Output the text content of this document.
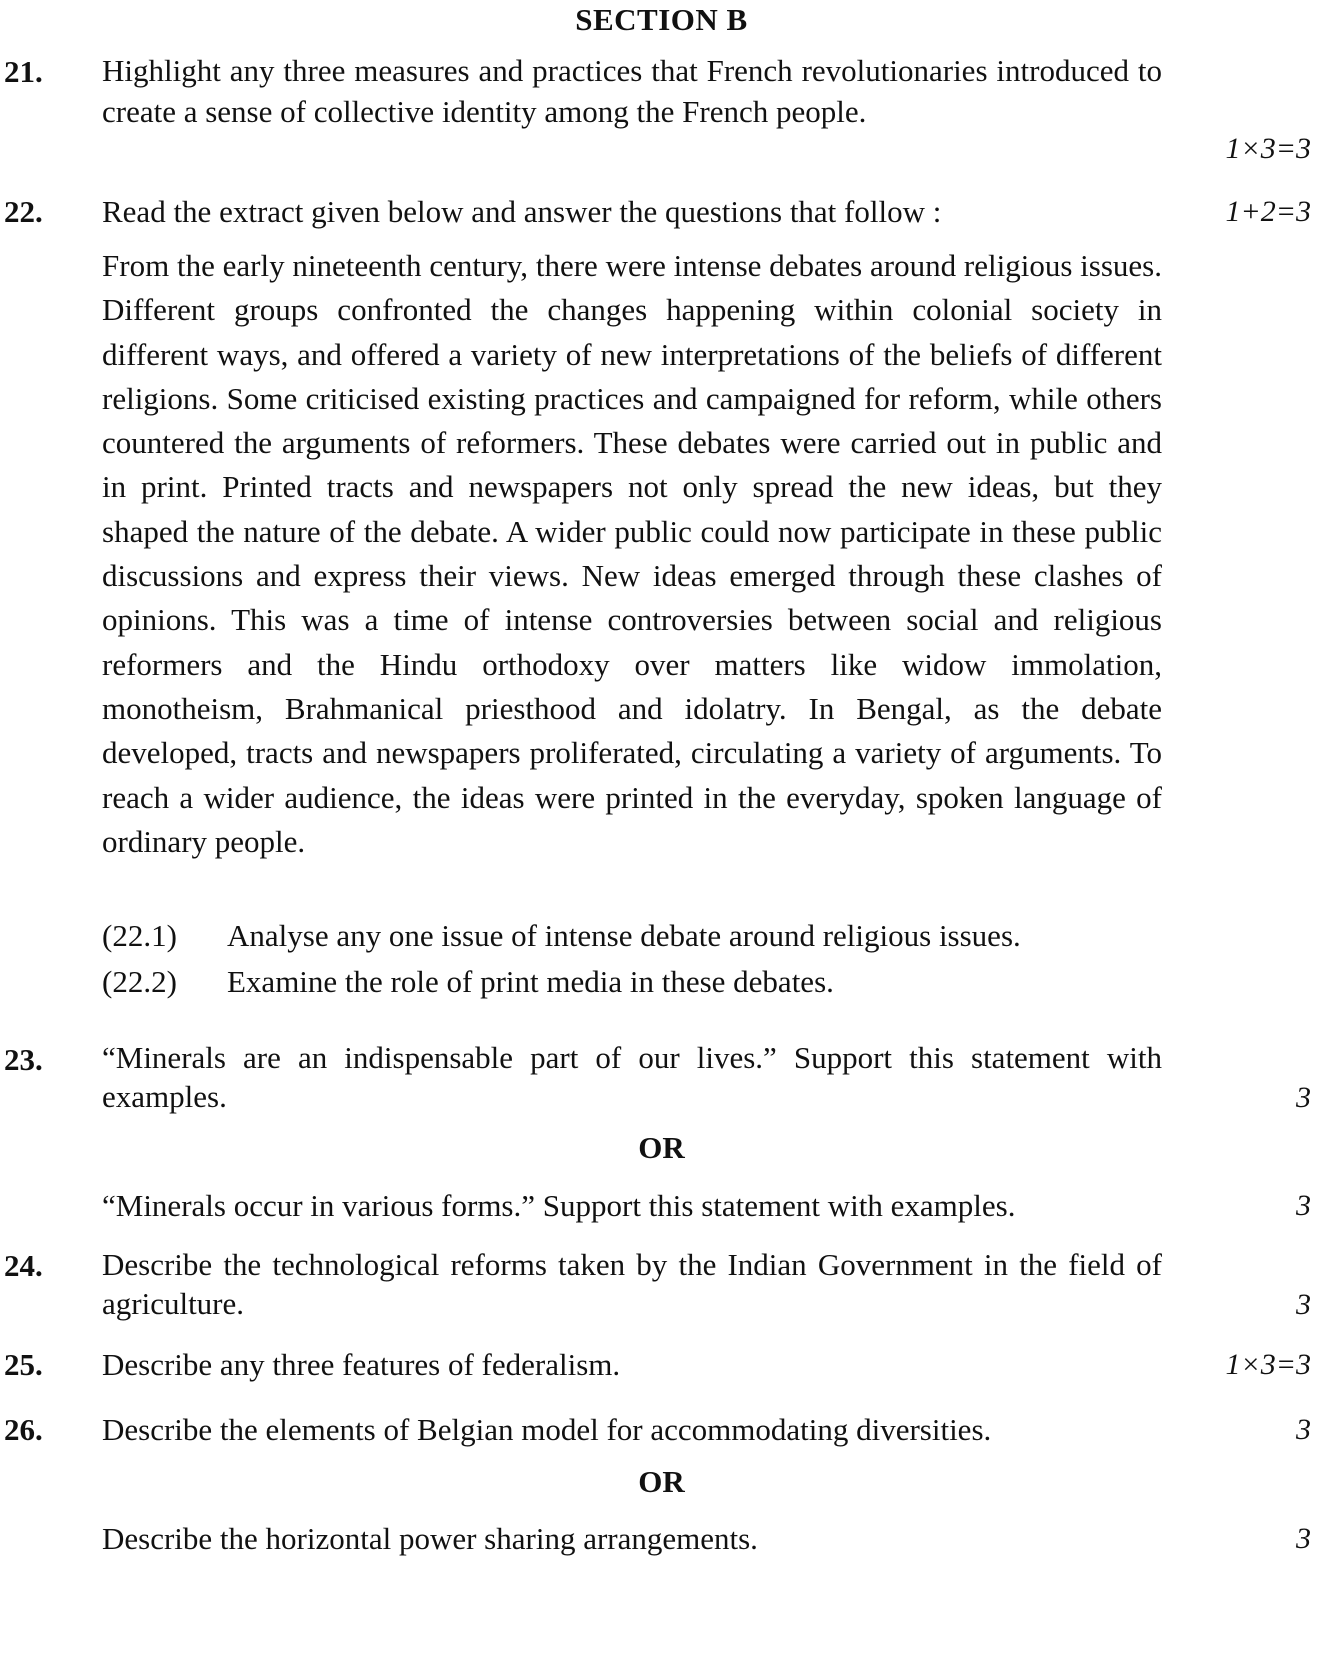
SECTION B
21. Highlight any three measures and practices that French revolutionaries introduced to create a sense of collective identity among the French people.

1×3=3
22. Read the extract given below and answer the questions that follow :	1+2=3

From the early nineteenth century, there were intense debates around religious issues. Different groups confronted the changes happening within colonial society in different ways, and offered a variety of new interpretations of the beliefs of different religions. Some criticised existing practices and campaigned for reform, while others countered the arguments of reformers. These debates were carried out in public and in print. Printed tracts and newspapers not only spread the new ideas, but they shaped the nature of the debate. A wider public could now participate in these public discussions and express their views. New ideas emerged through these clashes of opinions. This was a time of intense controversies between social and religious reformers and the Hindu orthodoxy over matters like widow immolation, monotheism, Brahmanical priesthood and idolatry. In Bengal, as the debate developed, tracts and newspapers proliferated, circulating a variety of arguments. To reach a wider audience, the ideas were printed in the everyday, spoken language of ordinary people.

(22.1) Analyse any one issue of intense debate around religious issues.
(22.2) Examine the role of print media in these debates.
23. “Minerals are an indispensable part of our lives.” Support this statement with examples.	3
OR
“Minerals occur in various forms.” Support this statement with examples.	3
24. Describe the technological reforms taken by the Indian Government in the field of agriculture.	3
25. Describe any three features of federalism.	1×3=3
26. Describe the elements of Belgian model for accommodating diversities.	3
OR
Describe the horizontal power sharing arrangements.	3
